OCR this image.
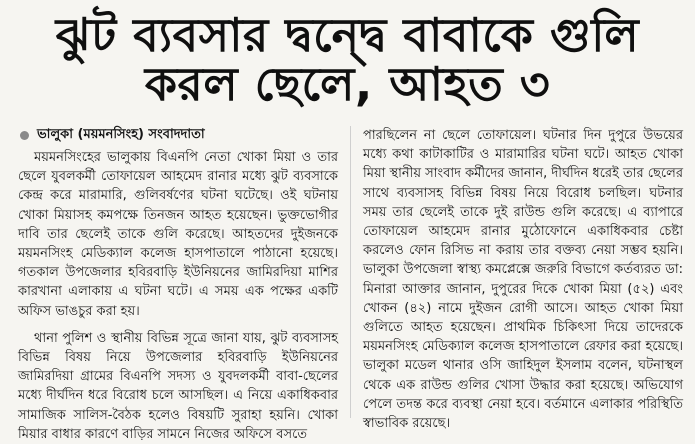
ঝুট ব্যবসার দ্বন্দ্বে বাবাকে গুলি
করল ছেলে, আহত ৩
ভালুকা (ময়মনসিংহ) সংবাদদাতা

ময়মনসিংহের ভালুকায় বিএনপি নেতা খোকা মিয়া ও তার ছেলে যুবলকর্মী তোফায়েল আহমেদ রানার মধ্যে ঝুট ব্যবসাকে কেন্দ্র করে মারামারি, গুলিবর্ষণের ঘটনা ঘটেছে। ওই ঘটনায় খোকা মিয়াসহ কমপক্ষে তিনজন আহত হয়েছেন। ভুক্তভোগীর দাবি তার ছেলেই তাকে গুলি করেছে। আহতদের দুইজনকে ময়মনসিংহ মেডিক্যাল কলেজ হাসপাতালে পাঠানো হয়েছে। গতকাল উপজেলার হবিরবাড়ি ইউনিয়নের জামিরদিয়া মাশির কারখানা এলাকায় এ ঘটনা ঘটে। এ সময় এক পক্ষের একটি অফিস ভাঙচুর করা হয়।

থানা পুলিশ ও স্থানীয় বিভিন্ন সূত্রে জানা যায়, ঝুট ব্যবসাসহ বিভিন্ন বিষয় নিয়ে উপজেলার হবিরবাড়ি ইউনিয়নের জামিরদিয়া গ্রামের বিএনপি সদস্য ও যুবদলকর্মী বাবা-ছেলের মধ্যে দীর্ঘদিন ধরে বিরোধ চলে আসছিল। এ নিয়ে একাধিকবার সামাজিক সালিস-বৈঠক হলেও বিষয়টি সুরাহা হয়নি। খোকা মিয়ার বাধার কারণে বাড়ির সামনে নিজের অফিসে বসতে

পারছিলেন না ছেলে তোফায়েল। ঘটনার দিন দুপুরে উভয়ের মধ্যে কথা কাটাকাটির ও মারামারির ঘটনা ঘটে। আহত খোকা মিয়া স্থানীয় সাংবাদ কর্মীদের জানান, দীর্ঘদিন ধরেই তার ছেলের সাথে ব্যবসাসহ বিভিন্ন বিষয় নিয়ে বিরোধ চলছিল। ঘটনার সময় তার ছেলেই তাকে দুই রাউন্ড গুলি করেছে। এ ব্যাপারে তোফায়েল আহমেদ রানার মুঠোফোনে একাধিকবার চেষ্টা করলেও ফোন রিসিভ না করায় তার বক্তব্য নেয়া সম্ভব হয়নি। ভালুকা উপজেলা স্বাস্থ্য কমপ্লেক্সে জরুরি বিভাগে কর্তব্যরত ডা: মিনারা আক্তার জানান, দুপুরের দিকে খোকা মিয়া (৫২) এবং খোকন (৪২) নামে দুইজন রোগী আসে। আহত খোকা মিয়া গুলিতে আহত হয়েছেন। প্রাথমিক চিকিৎসা দিয়ে তাদেরকে ময়মনসিংহ মেডিক্যাল কলেজ হাসপাতালে রেফার করা হয়েছে। ভালুকা মডেল থানার ওসি জাহিদুল ইসলাম বলেন, ঘটনাস্থল থেকে এক রাউন্ড গুলির খোসা উদ্ধার করা হয়েছে। অভিযোগ পেলে তদন্ত করে ব্যবস্থা নেয়া হবে। বর্তমানে এলাকার পরিস্থিতি স্বাভাবিক রয়েছে।
